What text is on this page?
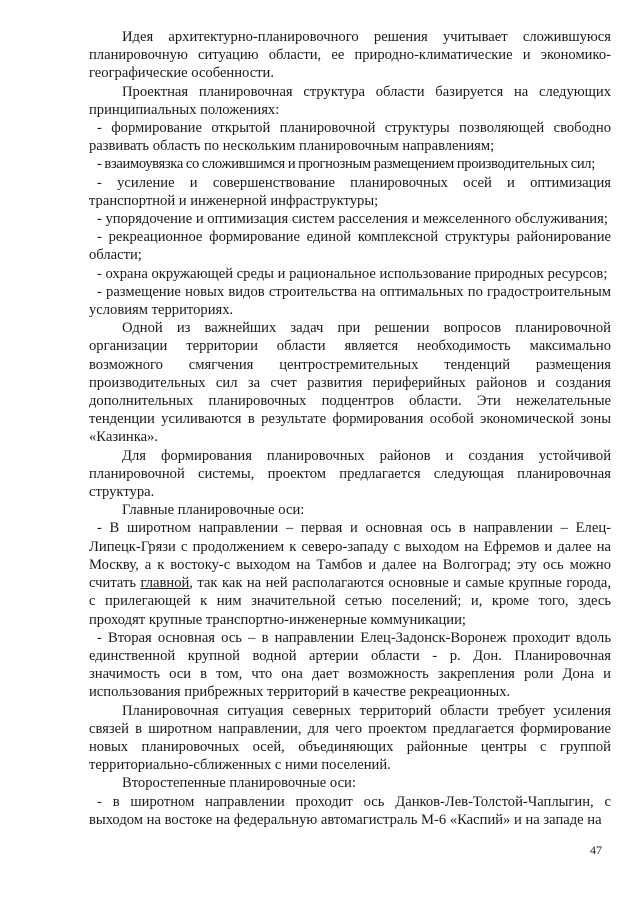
Идея архитектурно-планировочного решения учитывает сложившуюся планировочную ситуацию области, ее природно-климатические и экономико-географические особенности.

Проектная планировочная структура области базируется на следующих принципиальных положениях:

- формирование открытой планировочной структуры позволяющей свободно развивать область по нескольким планировочным направлениям;

- взаимоувязка со сложившимся и прогнозным размещением производительных сил;

- усиление и совершенствование планировочных осей и оптимизация транспортной и инженерной инфраструктуры;

- упорядочение и оптимизация систем расселения и межселенного обслуживания;

- рекреационное формирование единой комплексной структуры районирование области;

- охрана окружающей среды и рациональное использование природных ресурсов;

- размещение новых видов строительства на оптимальных по градостроительным условиям территориях.

Одной из важнейших задач при решении вопросов планировочной организации территории области является необходимость максимально возможного смягчения центростремительных тенденций размещения производительных сил за счет развития периферийных районов и создания дополнительных планировочных подцентров области. Эти нежелательные тенденции усиливаются в результате формирования особой экономической зоны «Казинка».

Для формирования планировочных районов и создания устойчивой планировочной системы, проектом предлагается следующая планировочная структура.

Главные планировочные оси:

- В широтном направлении – первая и основная ось в направлении – Елец-Липецк-Грязи с продолжением к северо-западу с выходом на Ефремов и далее на Москву, а к востоку-с выходом на Тамбов и далее на Волгоград; эту ось можно считать главной, так как на ней располагаются основные и самые крупные города, с прилегающей к ним значительной сетью поселений; и, кроме того, здесь проходят крупные транспортно-инженерные коммуникации;

- Вторая основная ось – в направлении Елец-Задонск-Воронеж проходит вдоль единственной крупной водной артерии области - р. Дон. Планировочная значимость оси в том, что она дает возможность закрепления роли Дона и использования прибрежных территорий в качестве рекреационных.

Планировочная ситуация северных территорий области требует усиления связей в широтном направлении, для чего проектом предлагается формирование новых планировочных осей, объединяющих районные центры с группой территориально-сближенных с ними поселений.

Второстепенные планировочные оси:

- в широтном направлении проходит ось Данков-Лев-Толстой-Чаплыгин, с выходом на востоке на федеральную автомагистраль М-6 «Каспий» и на западе на

47
